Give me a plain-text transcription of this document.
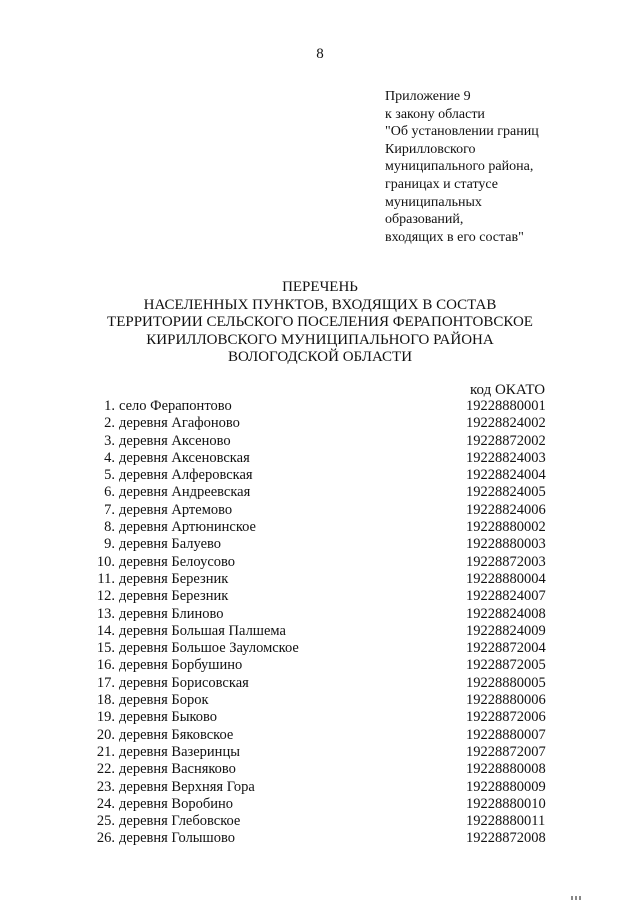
8
Приложение 9
к закону области
"Об установлении границ
Кирилловского
муниципального района,
границах и статусе
муниципальных
образований,
входящих в его состав"
ПЕРЕЧЕНЬ
НАСЕЛЕННЫХ ПУНКТОВ, ВХОДЯЩИХ В СОСТАВ
ТЕРРИТОРИИ СЕЛЬСКОГО ПОСЕЛЕНИЯ ФЕРАПОНТОВСКОЕ
КИРИЛЛОВСКОГО МУНИЦИПАЛЬНОГО РАЙОНА
ВОЛОГОДСКОЙ ОБЛАСТИ
код ОКАТО
1. село Ферапонтово	19228880001
2. деревня Агафоново	19228824002
3. деревня Аксеново	19228872002
4. деревня Аксеновская	19228824003
5. деревня Алферовская	19228824004
6. деревня Андреевская	19228824005
7. деревня Артемово	19228824006
8. деревня Артюнинское	19228880002
9. деревня Балуево	19228880003
10. деревня Белоусово	19228872003
11. деревня Березник	19228880004
12. деревня Березник	19228824007
13. деревня Блиново	19228824008
14. деревня Большая Палшема	19228824009
15. деревня Большое Зауломское	19228872004
16. деревня Борбушино	19228872005
17. деревня Борисовская	19228880005
18. деревня Борок	19228880006
19. деревня Быково	19228872006
20. деревня Бяковское	19228880007
21. деревня Вазеринцы	19228872007
22. деревня Васняково	19228880008
23. деревня Верхняя Гора	19228880009
24. деревня Воробино	19228880010
25. деревня Глебовское	19228880011
26. деревня Голышово	19228872008
